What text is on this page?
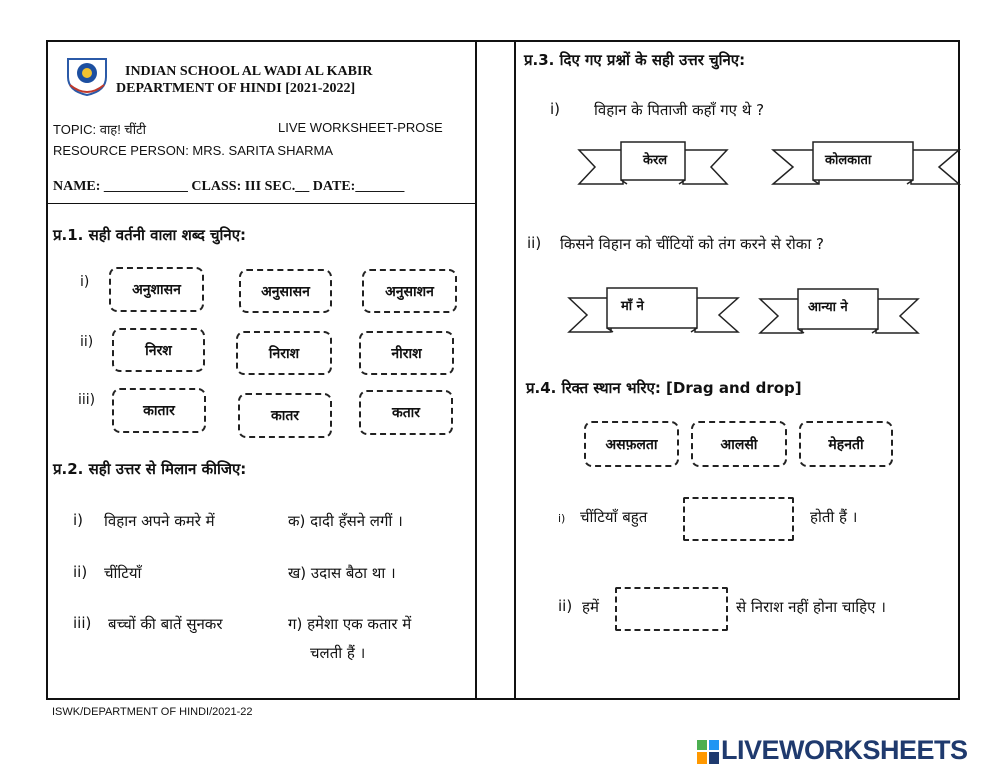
INDIAN SCHOOL AL WADI AL KABIR
DEPARTMENT OF HINDI [2021-2022]
TOPIC: वाह! चींटी	LIVE WORKSHEET-PROSE
RESOURCE PERSON: MRS. SARITA SHARMA
NAME: ____________ CLASS: III SEC.__ DATE:_______
प्र.1. सही वर्तनी वाला शब्द चुनिए:
i)	अनुशासन	अनुसासन	अनुसाशन
ii)
निरश	निराश	नीराश
iii)
कातार	कातर	कतार
प्र.2. सही उत्तर से मिलान कीजिए:
i) विहान अपने कमरे में
ii) चींटियाँ
iii) बच्चों की बातें सुनकर
क) दादी हँसने लगीं ।
ख) उदास बैठा था ।
ग) हमेशा एक कतार में
चलती हैं ।
प्र.3. दिए गए प्रश्नों के सही उत्तर चुनिए:
i) विहान के पिताजी कहाँ गए थे ?
केरल	कोलकाता
ii) किसने विहान को चींटियों को तंग करने से रोका ?
माँ ने	आन्या ने
प्र.4. रिक्त स्थान भरिए: [Drag and drop]
असफ़लता	आलसी	मेहनती
i) चींटियाँ बहुत	होती हैं ।
ii) हमें	से निराश नहीं होना चाहिए ।
ISWK/DEPARTMENT OF HINDI/2021-22
LIVEWORKSHEETS
